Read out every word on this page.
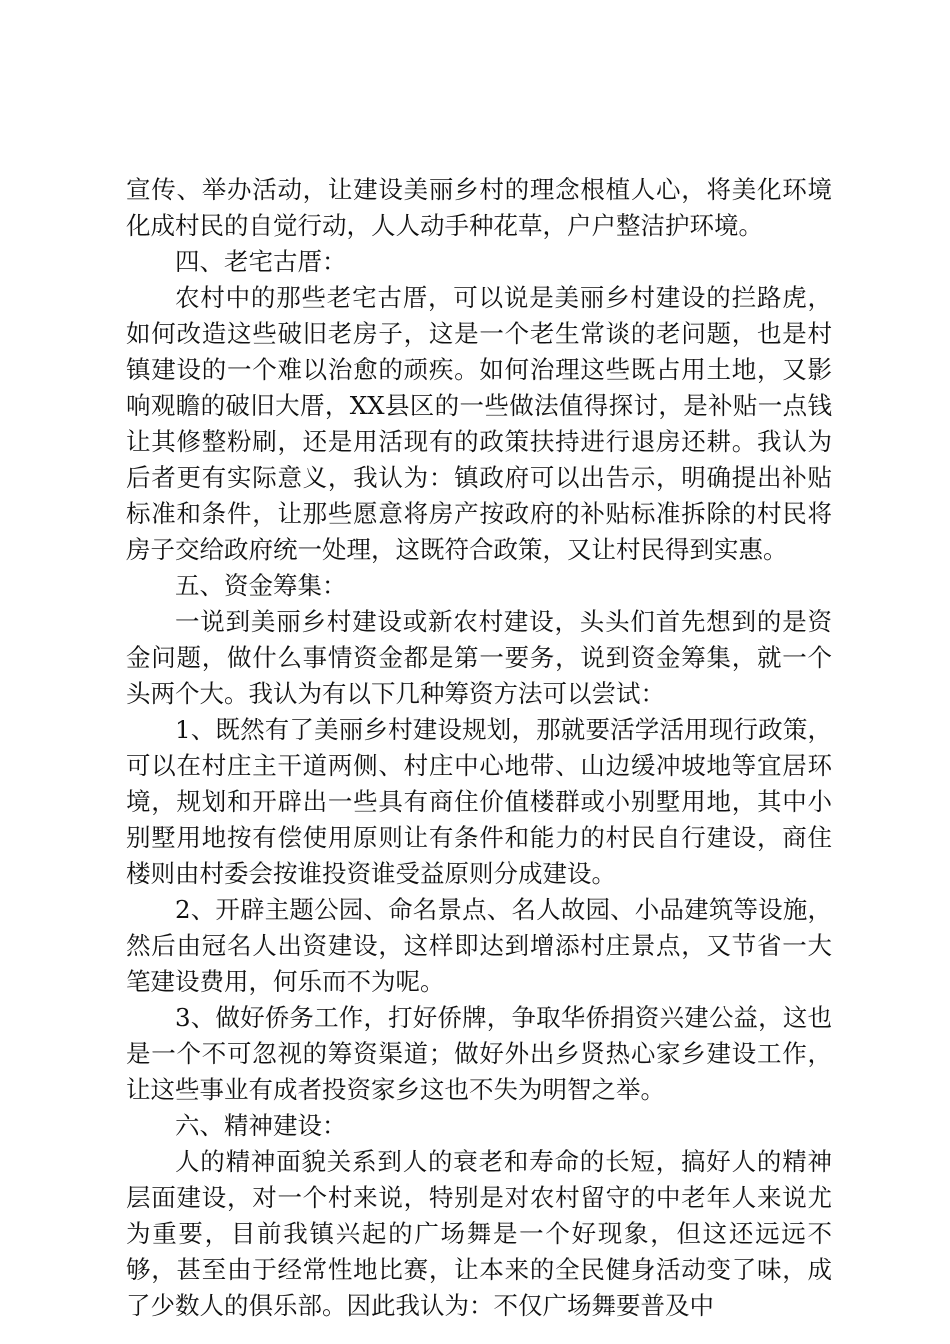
宣传、举办活动，让建设美丽乡村的理念根植人心，将美化环境化成村民的自觉行动，人人动手种花草，户户整洁护环境。

四、老宅古厝：

农村中的那些老宅古厝，可以说是美丽乡村建设的拦路虎，如何改造这些破旧老房子，这是一个老生常谈的老问题，也是村镇建设的一个难以治愈的顽疾。如何治理这些既占用土地，又影响观瞻的破旧大厝，XX县区的一些做法值得探讨，是补贴一点钱让其修整粉刷，还是用活现有的政策扶持进行退房还耕。我认为后者更有实际意义，我认为：镇政府可以出告示，明确提出补贴标准和条件，让那些愿意将房产按政府的补贴标准拆除的村民将房子交给政府统一处理，这既符合政策，又让村民得到实惠。

五、资金筹集：

一说到美丽乡村建设或新农村建设，头头们首先想到的是资金问题，做什么事情资金都是第一要务，说到资金筹集，就一个头两个大。我认为有以下几种筹资方法可以尝试：

1、既然有了美丽乡村建设规划，那就要活学活用现行政策，可以在村庄主干道两侧、村庄中心地带、山边缓冲坡地等宜居环境，规划和开辟出一些具有商住价值楼群或小别墅用地，其中小别墅用地按有偿使用原则让有条件和能力的村民自行建设，商住楼则由村委会按谁投资谁受益原则分成建设。

2、开辟主题公园、命名景点、名人故园、小品建筑等设施，然后由冠名人出资建设，这样即达到增添村庄景点，又节省一大笔建设费用，何乐而不为呢。

3、做好侨务工作，打好侨牌，争取华侨捐资兴建公益，这也是一个不可忽视的筹资渠道；做好外出乡贤热心家乡建设工作，让这些事业有成者投资家乡这也不失为明智之举。

六、精神建设：

人的精神面貌关系到人的衰老和寿命的长短，搞好人的精神层面建设，对一个村来说，特别是对农村留守的中老年人来说尤为重要，目前我镇兴起的广场舞是一个好现象，但这还远远不够，甚至由于经常性地比赛，让本来的全民健身活动变了味，成了少数人的俱乐部。因此我认为：不仅广场舞要普及中
